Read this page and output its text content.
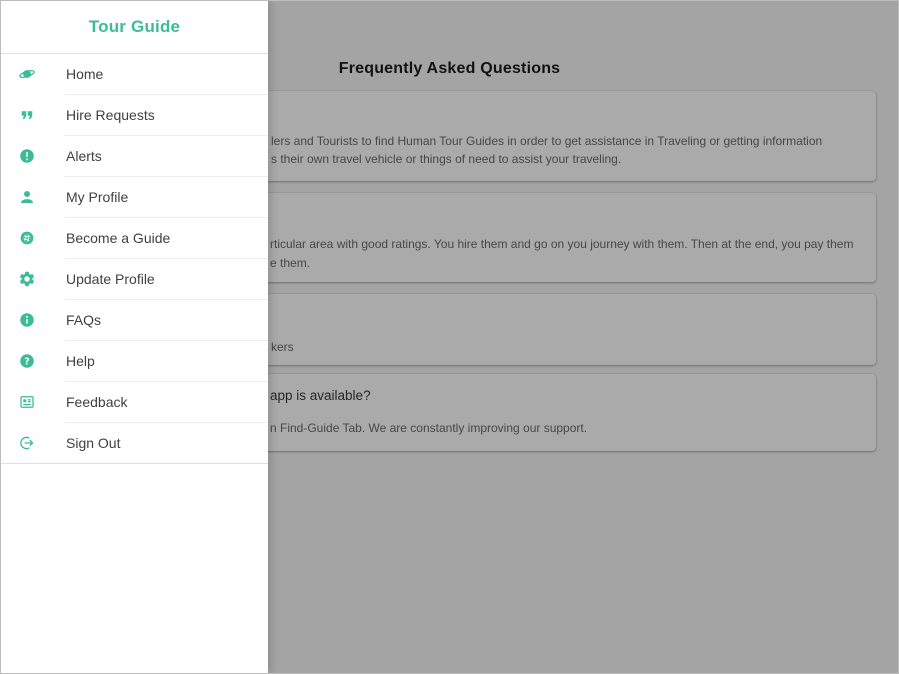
Frequently Asked Questions
lers and Tourists to find Human Tour Guides in order to get assistance in Traveling or getting information
s their own travel vehicle or things of need to assist your traveling.
rticular area with good ratings. You hire them and go on you journey with them. Then at the end, you pay them
e them.
kers
app is available?
n Find-Guide Tab. We are constantly improving our support.
Tour Guide
Home
Hire Requests
Alerts
My Profile
Become a Guide
Update Profile
FAQs
?	Help
Feedback
Sign Out
